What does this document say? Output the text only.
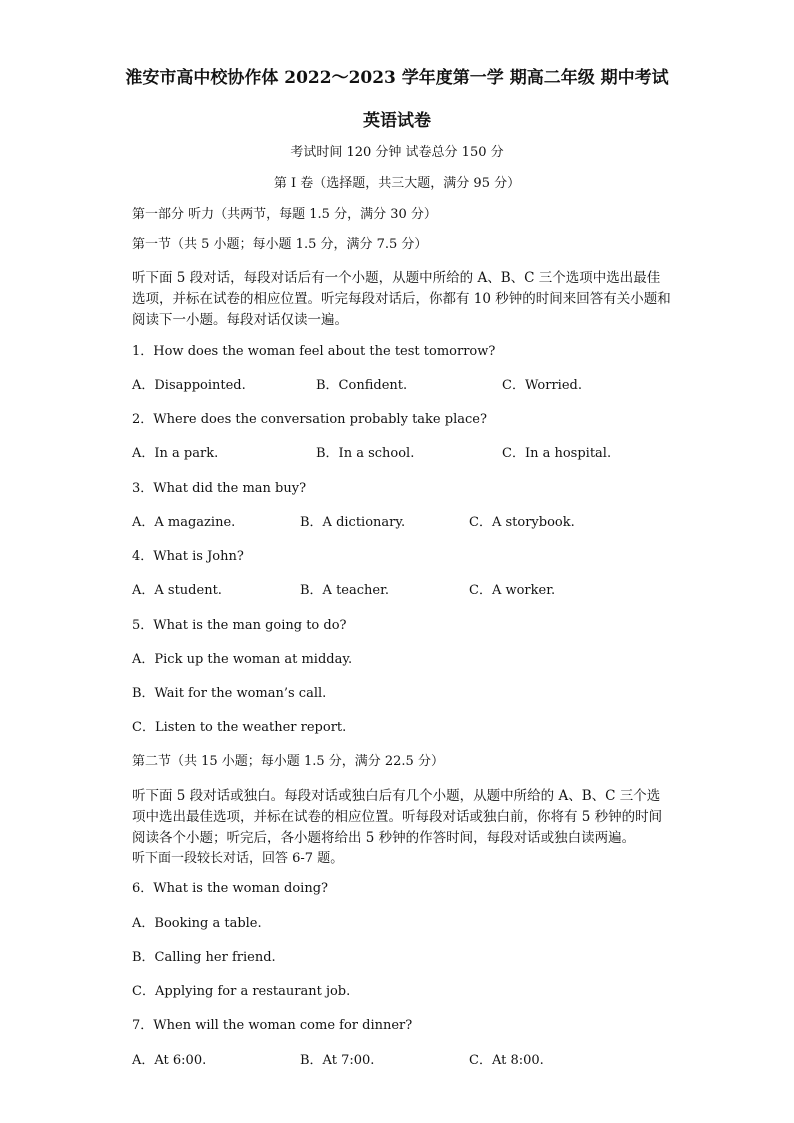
淮安市高中校协作体 2022～2023 学年度第一学 期高二年级 期中考试
英语试卷
考试时间 120 分钟 试卷总分 150 分
第 I 卷（选择题，共三大题，满分 95 分）
第一部分 听力（共两节，每题 1.5 分，满分 30 分）
第一节（共 5 小题；每小题 1.5 分，满分 7.5 分）
听下面 5 段对话，每段对话后有一个小题，从题中所给的 A、B、C 三个选项中选出最佳选项，并标在试卷的相应位置。听完每段对话后，你都有 10 秒钟的时间来回答有关小题和阅读下一小题。每段对话仅读一遍。
1．How does the woman feel about the test tomorrow?
A．Disappointed.	B．Confident.	C．Worried.
2．Where does the conversation probably take place?
A．In a park.	B．In a school.	C．In a hospital.
3．What did the man buy?
A．A magazine.	B．A dictionary.	C．A storybook.
4．What is John?
A．A student.	B．A teacher.	C．A worker.
5．What is the man going to do?
A．Pick up the woman at midday.
B．Wait for the woman’s call.
C．Listen to the weather report.
第二节（共 15 小题；每小题 1.5 分，满分 22.5 分）
听下面 5 段对话或独白。每段对话或独白后有几个小题，从题中所给的 A、B、C 三个选项中选出最佳选项，并标在试卷的相应位置。听每段对话或独白前，你将有 5 秒钟的时间阅读各个小题；听完后，各小题将给出 5 秒钟的作答时间，每段对话或独白读两遍。
听下面一段较长对话，回答 6-7 题。
6．What is the woman doing?
A．Booking a table.
B．Calling her friend.
C．Applying for a restaurant job.
7．When will the woman come for dinner?
A．At 6:00.	B．At 7:00.	C．At 8:00.
